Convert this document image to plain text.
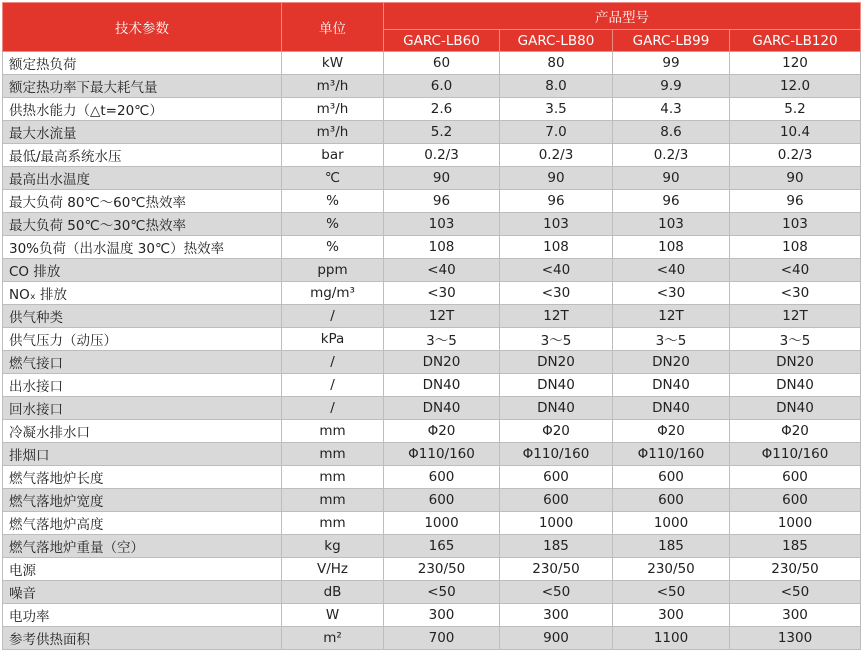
技术参数	单位	产品型号			
		GARC-LB60	GARC-LB80	GARC-LB99	GARC-LB120
额定热负荷	kW	60	80	99	120
额定热功率下最大耗气量	m³/h	6.0	8.0	9.9	12.0
供热水能力（△t=20℃）	m³/h	2.6	3.5	4.3	5.2
最大水流量	m³/h	5.2	7.0	8.6	10.4
最低/最高系统水压	bar	0.2/3	0.2/3	0.2/3	0.2/3
最高出水温度	℃	90	90	90	90
最大负荷 80℃～60℃热效率	%	96	96	96	96
最大负荷 50℃～30℃热效率	%	103	103	103	103
30%负荷（出水温度 30℃）热效率	%	108	108	108	108
CO 排放	ppm	<40	<40	<40	<40
NOₓ 排放	mg/m³	<30	<30	<30	<30
供气种类	/	12T	12T	12T	12T
供气压力（动压）	kPa	3～5	3～5	3～5	3～5
燃气接口	/	DN20	DN20	DN20	DN20
出水接口	/	DN40	DN40	DN40	DN40
回水接口	/	DN40	DN40	DN40	DN40
冷凝水排水口	mm	Φ20	Φ20	Φ20	Φ20
排烟口	mm	Φ110/160	Φ110/160	Φ110/160	Φ110/160
燃气落地炉长度	mm	600	600	600	600
燃气落地炉宽度	mm	600	600	600	600
燃气落地炉高度	mm	1000	1000	1000	1000
燃气落地炉重量（空）	kg	165	185	185	185
电源	V/Hz	230/50	230/50	230/50	230/50
噪音	dB	<50	<50	<50	<50
电功率	W	300	300	300	300
参考供热面积	m²	700	900	1100	1300
